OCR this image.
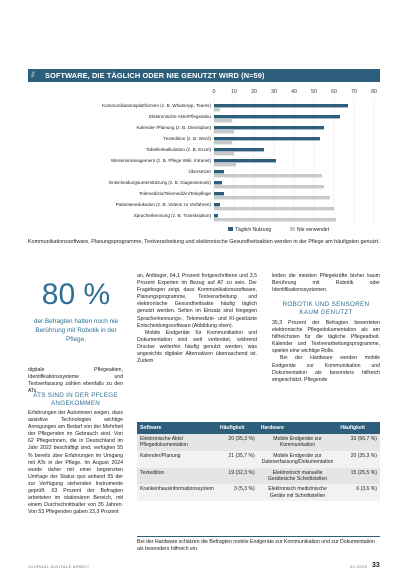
/// SOFTWARE, DIE TÄGLICH ODER NIE GENUTZT WIRD (N=59)
0	10	20	30	40	50	60	70	80
Kommunikationsplattformen (z. B. WhatsApp, Teams)
Elektronische Akte/Pflegedoku
Kalender-/Planung (z. B. Dienstplan)
Textedition (z. B. Word)
Tabellenkalkulation (z. B. Excel)
Wissensmanagement (z. B. Pflege Wiki, Intranet)
Übersetzer
Entscheidungsunterstützung (z. B. Diagnosetools)
Telemedizin/Telemedizin/Telepflege
Patientenedukation (z. B. Videos zu Verfahren)
Spracherkennung (z. B. Transkription)
Täglich Nutzung	Nie verwendet
Kommunikationssoftware, Planungsprogramme, Textverarbeitung und elektronische Gesundheitsakten werden in der Pflege am häufigsten genutzt.
80 %
der Befragten hatten noch nie Berührung mit Robotik in der Pflege.
digitale Pflegeakten, Identifikationssysteme und Textverfassung zählen ebenfalls zu den ATs.
ATS SIND IN DER PFLEGE ANGEKOMMEN
Erfahrungen der Autorinnen zeigen, dass assistive Technologien wichtige Anregungen am Bedarf von der Mehrheit der Pflegenden im Gebrauch sind. Von 62 Pflegerinnen, die in Deutschland im Jahr 2022 beschäftigt sind, verfügten 55 % bereits über Erfahrungen im Umgang mit ATs in der Pflege. Im August 2024 wurde daher mit einer begrenzten Umfrage der Status quo anhand 55 der zur Verfügung stehenden Instrumente geprüft. 63 Prozent der Befragten arbeiteten im stationären Bereich, mit einem Durchschnittsalter von 35 Jahren. Von 53 Pflegenden gaben 23,3 Prozent

an, Anfänger, 64,1 Prozent fortgeschrittene und 3,5 Prozent Experten im Bezug auf AT zu sein. Der Fragebogen zeigt, dass Kommunikationssoftware, Planungsprogramme, Textverarbeitung und elektronische Gesundheitsakte häufig täglich genutzt werden. Selten im Einsatz sind hingegen Spracherkennungs-, Telemedizin- und KI-gestützte Entscheidungssoftware (Abbildung oben).

Mobile Endgeräte für Kommunikation und Dokumentation sind weit verbreitet, während Drucker weiterhin häufig genutzt werden, was angesichts digitaler Alternativen überraschend ist. Zudem

leiden die meisten Pflegekräfte bisher kaum Berührung mit Robotik oder Identifikationssystemen.
ROBOTIK UND SENSOREN KAUM GENUTZT

35,3 Prozent der Befragten bewerteten elektronische Pflegedokumentation als am hilfreichsten für die tägliche Pflegearbeit. Kalender und Textverarbeitungsprogramme, spielen eine wichtige Rolle.

Bei der Hardware werden mobile Endgeräte zur Kommunikation und Dokumentation als besonders hilfreich eingeschätzt. Pflegende

Software	Häufigkeit	Hardware	Häufigkeit
Elektronische Akte/ Pflegedokumentation	20 (35,3 %)	Mobile Endgeräte zur Kommunikation	33 (56,7 %)
Kalender/Planung	21 (35,7 %)	Mobile Endgeräte zur Datenerfassung/Dokumentation	20 (35,3 %)
Textedition	19 (32,3 %)	Elektronisch manuelle Gerätesiche Schnittstellen	15 (25,5 %)
Krankenhausinformationssystem	3 (5,3 %)	Elektronisch medizinische Geräte mit Schnittstellen	6 (3,6 %)
Bei der Hardware schätzen die Befragten mobile Endgeräte zur Kommunikation und zur Dokumentation als besonders hilfreich ein.
JOURNAL DIGITALE ARBEIT	02.2025 33
